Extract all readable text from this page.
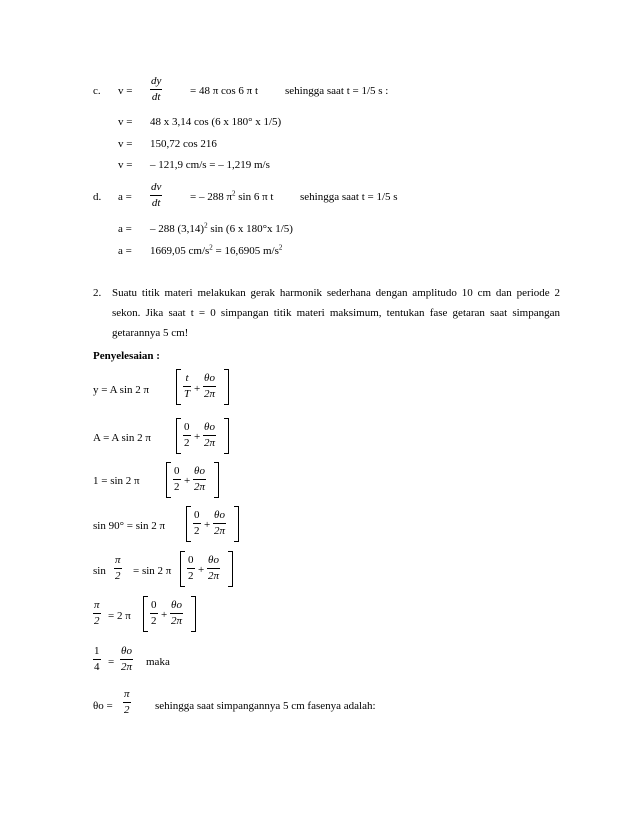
c. v =
dy
dt	= 48 π cos 6 π t sehingga saat t = 1/5 s :
v = 48 x 3,14 cos (6 x 180° x 1/5)
v = 150,72 cos 216
v = – 121,9 cm/s = – 1,219 m/s
d. a =
dv
dt	= – 288 $\pi^2$ sin 6 π t sehingga saat t = 1/5 s
a = – 288 $(3,14)^2$ sin (6 x 180°x 1/5)
a = 1669,05 $cm/s^2 = 16,6905$ $m/s^2$
2. Suatu titik materi melakukan gerak harmonik sederhana dengan amplitudo 10 cm dan periode 2 sekon. Jika saat t = 0 simpangan titik materi maksimum, tentukan fase getaran saat simpangan getarannya 5 cm!
Penyelesaian :
y = A sin 2 π
t
T +
θo
2π
A = A sin 2 π
0
2 +
θo
2π
1 = sin 2 π
0
2 +
θo
2π
sin 90° = sin 2 π
0
2 +
θo
2π
sin
π
2 = sin 2 π
0
2 +
θo
2π
π
2 = 2 π
0
2 +
θo
2π
1
4 =
θo
2π maka
θo =
π
2 sehingga saat simpangannya 5 cm fasenya adalah:
